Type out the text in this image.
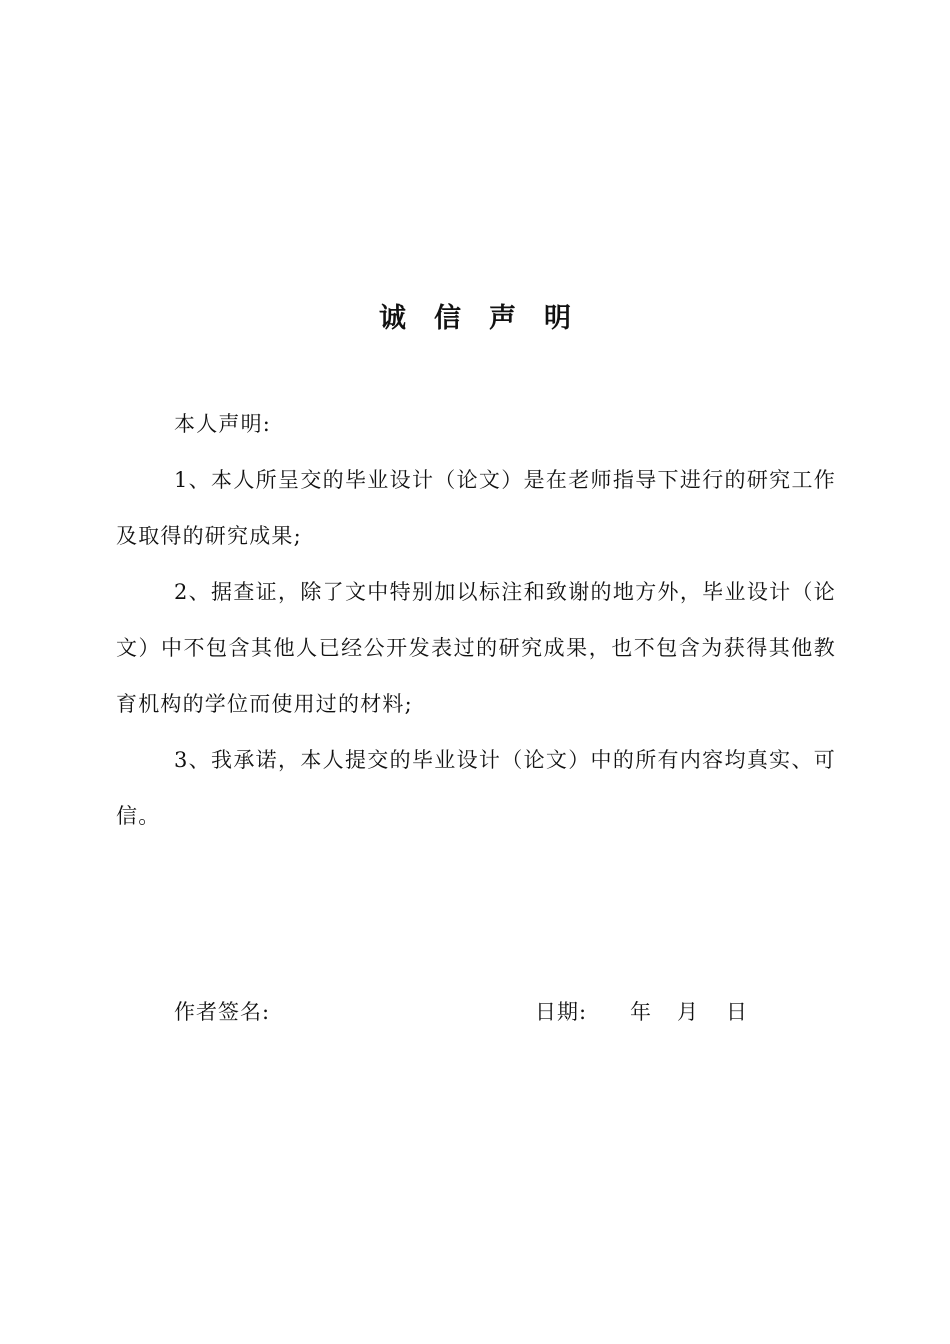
诚信声明

本人声明:

1、本人所呈交的毕业设计（论文）是在老师指导下进行的研究工作及取得的研究成果;

2、据查证，除了文中特别加以标注和致谢的地方外，毕业设计（论文）中不包含其他人已经公开发表过的研究成果，也不包含为获得其他教育机构的学位而使用过的材料;

3、我承诺，本人提交的毕业设计（论文）中的所有内容均真实、可信。

作者签名:	日期: 年 月 日
